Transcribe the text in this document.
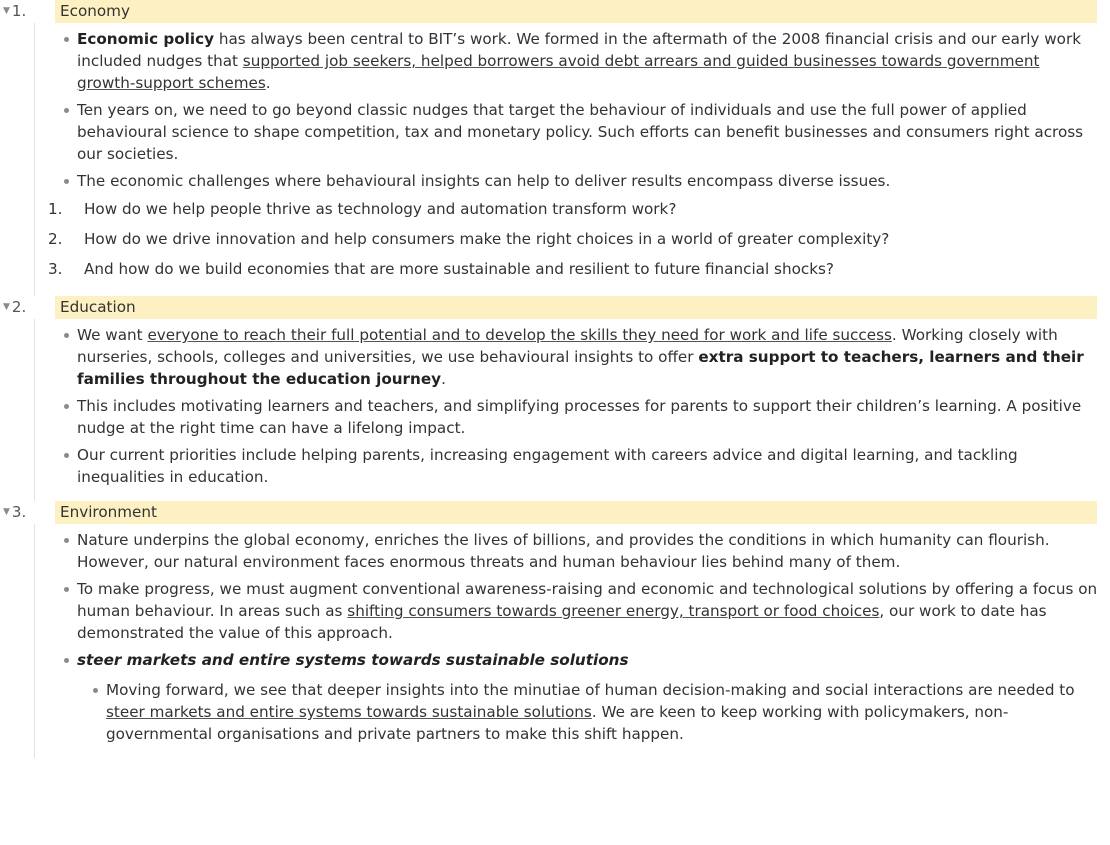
▼ 1.	Economy
Economic policy has always been central to BIT’s work. We formed in the aftermath of the 2008 financial crisis and our early work included nudges that supported job seekers, helped borrowers avoid debt arrears and guided businesses towards government growth-support schemes.
Ten years on, we need to go beyond classic nudges that target the behaviour of individuals and use the full power of applied behavioural science to shape competition, tax and monetary policy. Such efforts can benefit businesses and consumers right across our societies.
The economic challenges where behavioural insights can help to deliver results encompass diverse issues.
1. How do we help people thrive as technology and automation transform work?
2. How do we drive innovation and help consumers make the right choices in a world of greater complexity?
3. And how do we build economies that are more sustainable and resilient to future financial shocks?
▼ 2.	Education
We want everyone to reach their full potential and to develop the skills they need for work and life success. Working closely with nurseries, schools, colleges and universities, we use behavioural insights to offer extra support to teachers, learners and their families throughout the education journey.
This includes motivating learners and teachers, and simplifying processes for parents to support their children’s learning. A positive nudge at the right time can have a lifelong impact.
Our current priorities include helping parents, increasing engagement with careers advice and digital learning, and tackling inequalities in education.
▼ 3.	Environment
Nature underpins the global economy, enriches the lives of billions, and provides the conditions in which humanity can flourish. However, our natural environment faces enormous threats and human behaviour lies behind many of them.
To make progress, we must augment conventional awareness-raising and economic and technological solutions by offering a focus on human behaviour. In areas such as shifting consumers towards greener energy, transport or food choices, our work to date has demonstrated the value of this approach.
steer markets and entire systems towards sustainable solutions
Moving forward, we see that deeper insights into the minutiae of human decision-making and social interactions are needed to steer markets and entire systems towards sustainable solutions. We are keen to keep working with policymakers, non-governmental organisations and private partners to make this shift happen.
